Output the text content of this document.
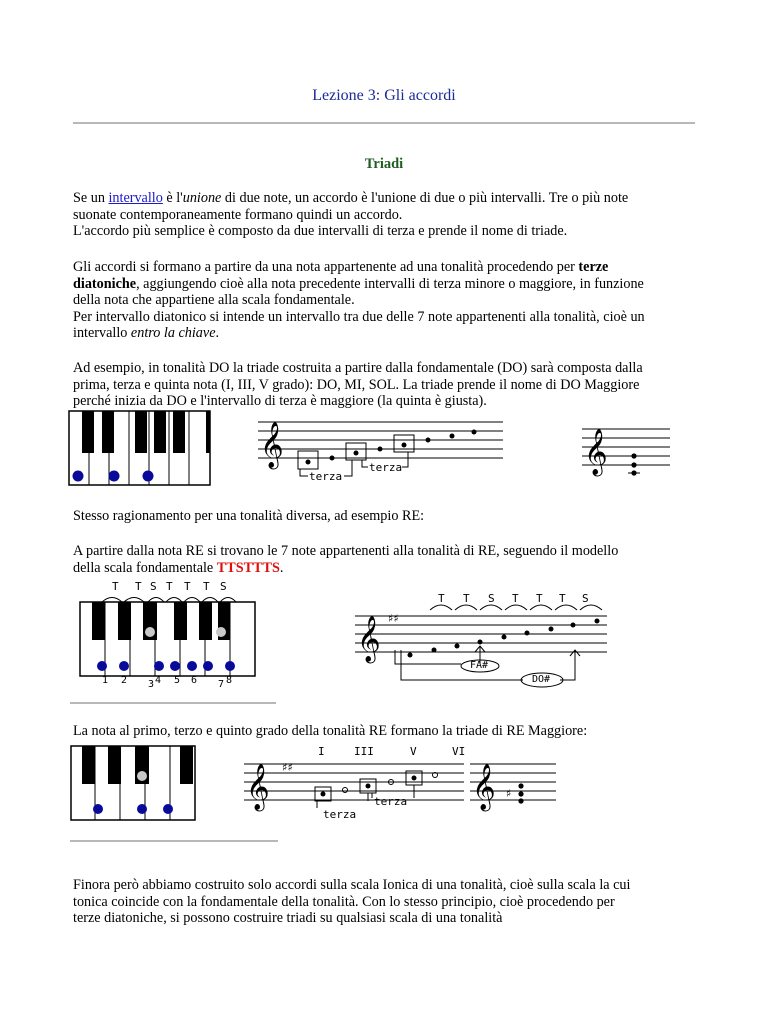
Lezione 3: Gli accordi
Triadi
Se un intervallo è l'unione di due note, un accordo è l'unione di due o più intervalli. Tre o più note
suonate contemporaneamente formano quindi un accordo.
L'accordo più semplice è composto da due intervalli di terza e prende il nome di triade.
Gli accordi si formano a partire da una nota appartenente ad una tonalità procedendo per terze
diatoniche, aggiungendo cioè alla nota precedente intervalli di terza minore o maggiore, in funzione
della nota che appartiene alla scala fondamentale.
Per intervallo diatonico si intende un intervallo tra due delle 7 note appartenenti alla tonalità, cioè un
intervallo entro la chiave.
Ad esempio, in tonalità DO la triade costruita a partire dalla fondamentale (DO) sarà composta dalla
prima, terza e quinta nota (I, III, V grado): DO, MI, SOL. La triade prende il nome di DO Maggiore
perché inizia da DO e l'intervallo di terza è maggiore (la quinta è giusta).
𝄞
terza
terza	𝄞
Stesso ragionamento per una tonalità diversa, ad esempio RE:
A partire dalla nota RE si trovano le 7 note appartenenti alla tonalità di RE, seguendo il modello
della scala fondamentale TTSTTTS.
T T S T T T S
1 2 3 4 5 6 7 8
T T S T T T S
𝄞 ♯♯
FA#
DO#
La nota al primo, terzo e quinto grado della tonalità RE formano la triade di RE Maggiore:
I	III	V	VI
𝄞 ♯♯
terza
terza 𝄞 ♯
Finora però abbiamo costruito solo accordi sulla scala Ionica di una tonalità, cioè sulla scala la cui
tonica coincide con la fondamentale della tonalità. Con lo stesso principio, cioè procedendo per
terze diatoniche, si possono costruire triadi su qualsiasi scala di una tonalità
